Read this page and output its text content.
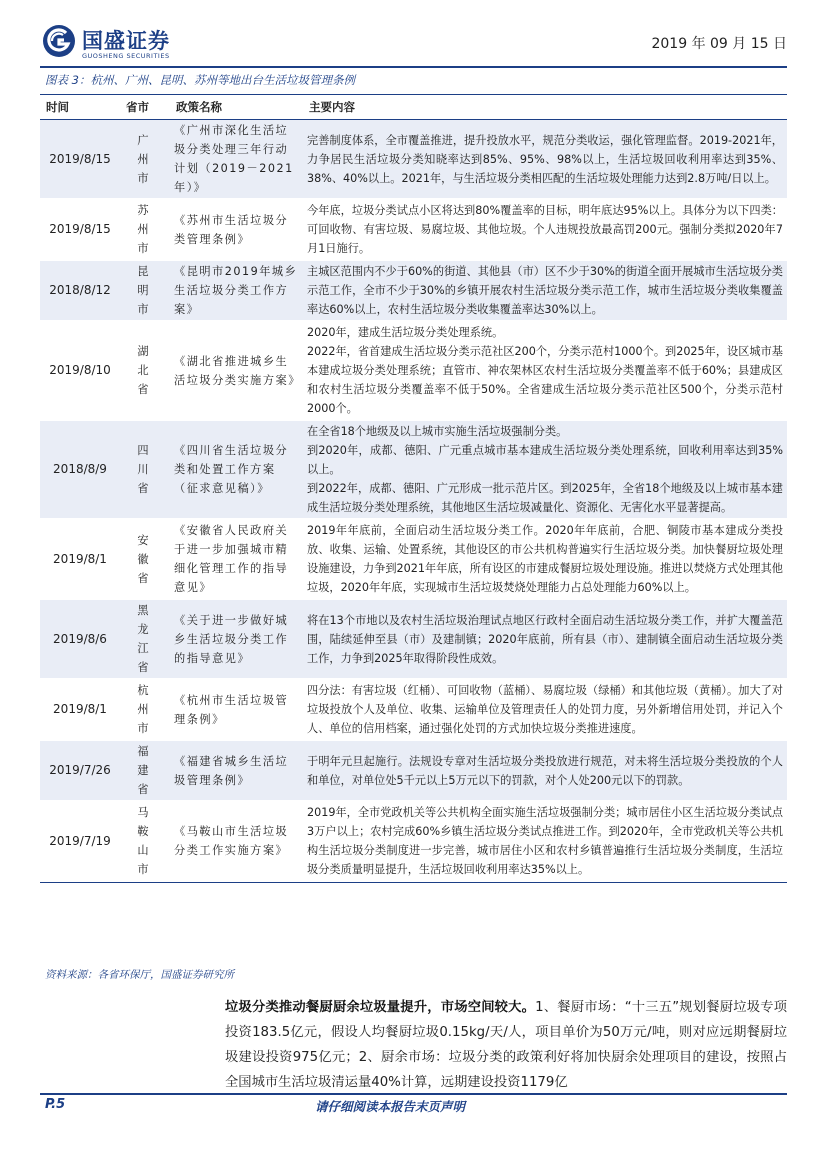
国盛证券
GUOSHENG SECURITIES
2019 年 09 月 15 日
图表 3：杭州、广州、昆明、苏州等地出台生活垃圾管理条例
时间	省市	政策名称	主要内容
2019/8/15	广州市	《广州市深化生活垃圾分类处理三年行动计划（2019－2021年）》	完善制度体系，全市覆盖推进，提升投放水平，规范分类收运，强化管理监督。2019-2021年，力争居民生活垃圾分类知晓率达到85%、95%、98%以上，生活垃圾回收利用率达到35%、38%、40%以上。2021年，与生活垃圾分类相匹配的生活垃圾处理能力达到2.8万吨/日以上。
2019/8/15	苏州市	《苏州市生活垃圾分类管理条例》	今年底，垃圾分类试点小区将达到80%覆盖率的目标，明年底达95%以上。具体分为以下四类：可回收物、有害垃圾、易腐垃圾、其他垃圾。个人违规投放最高罚200元。强制分类拟2020年7月1日施行。
2018/8/12	昆明市	《昆明市2019年城乡生活垃圾分类工作方案》	主城区范围内不少于60%的街道、其他县（市）区不少于30%的街道全面开展城市生活垃圾分类示范工作，全市不少于30%的乡镇开展农村生活垃圾分类示范工作，城市生活垃圾分类收集覆盖率达60%以上，农村生活垃圾分类收集覆盖率达30%以上。
2019/8/10	湖北省	《湖北省推进城乡生活垃圾分类实施方案》	2020年，建成生活垃圾分类处理系统。
2022年，省首建成生活垃圾分类示范社区200个，分类示范村1000个。到2025年，设区城市基本建成垃圾分类处理系统；直管市、神农架林区农村生活垃圾分类覆盖率不低于60%；县建成区和农村生活垃圾分类覆盖率不低于50%。全省建成生活垃圾分类示范社区500个，分类示范村2000个。
2018/8/9	四川省	《四川省生活垃圾分类和处置工作方案（征求意见稿）》	在全省18个地级及以上城市实施生活垃圾强制分类。
到2020年，成都、德阳、广元重点城市基本建成生活垃圾分类处理系统，回收利用率达到35%以上。
到2022年，成都、德阳、广元形成一批示范片区。到2025年，全省18个地级及以上城市基本建成生活垃圾分类处理系统，其他地区生活垃圾减量化、资源化、无害化水平显著提高。
2019/8/1	安徽省	《安徽省人民政府关于进一步加强城市精细化管理工作的指导意见》	2019年年底前，全面启动生活垃圾分类工作。2020年年底前，合肥、铜陵市基本建成分类投放、收集、运输、处置系统，其他设区的市公共机构普遍实行生活垃圾分类。加快餐厨垃圾处理设施建设，力争到2021年年底，所有设区的市建成餐厨垃圾处理设施。推进以焚烧方式处理其他垃圾，2020年年底，实现城市生活垃圾焚烧处理能力占总处理能力60%以上。
2019/8/6	黑龙江省	《关于进一步做好城乡生活垃圾分类工作的指导意见》	将在13个市地以及农村生活垃圾治理试点地区行政村全面启动生活垃圾分类工作，并扩大覆盖范围，陆续延伸至县（市）及建制镇；2020年底前，所有县（市）、建制镇全面启动生活垃圾分类工作，力争到2025年取得阶段性成效。
2019/8/1	杭州市	《杭州市生活垃圾管理条例》	四分法：有害垃圾（红桶）、可回收物（蓝桶）、易腐垃圾（绿桶）和其他垃圾（黄桶）。加大了对垃圾投放个人及单位、收集、运输单位及管理责任人的处罚力度，另外新增信用处罚，并记入个人、单位的信用档案，通过强化处罚的方式加快垃圾分类推进速度。
2019/7/26	福建省	《福建省城乡生活垃圾管理条例》	于明年元旦起施行。法规设专章对生活垃圾分类投放进行规范，对未将生活垃圾分类投放的个人和单位，对单位处5千元以上5万元以下的罚款，对个人处200元以下的罚款。
2019/7/19	马鞍山市	《马鞍山市生活垃圾分类工作实施方案》	2019年，全市党政机关等公共机构全面实施生活垃圾强制分类；城市居住小区生活垃圾分类试点3万户以上；农村完成60%乡镇生活垃圾分类试点推进工作。到2020年，全市党政机关等公共机构生活垃圾分类制度进一步完善，城市居住小区和农村乡镇普遍推行生活垃圾分类制度，生活垃圾分类质量明显提升，生活垃圾回收利用率达35%以上。
资料来源：各省环保厅，国盛证券研究所
垃圾分类推动餐厨厨余垃圾量提升，市场空间较大。1、餐厨市场：“十三五”规划餐厨垃圾专项投资183.5亿元，假设人均餐厨垃圾0.15kg/天/人，项目单价为50万元/吨，则对应远期餐厨垃圾建设投资975亿元；2、厨余市场：垃圾分类的政策利好将加快厨余处理项目的建设，按照占全国城市生活垃圾清运量40%计算，远期建设投资1179亿
P.5	请仔细阅读本报告末页声明
